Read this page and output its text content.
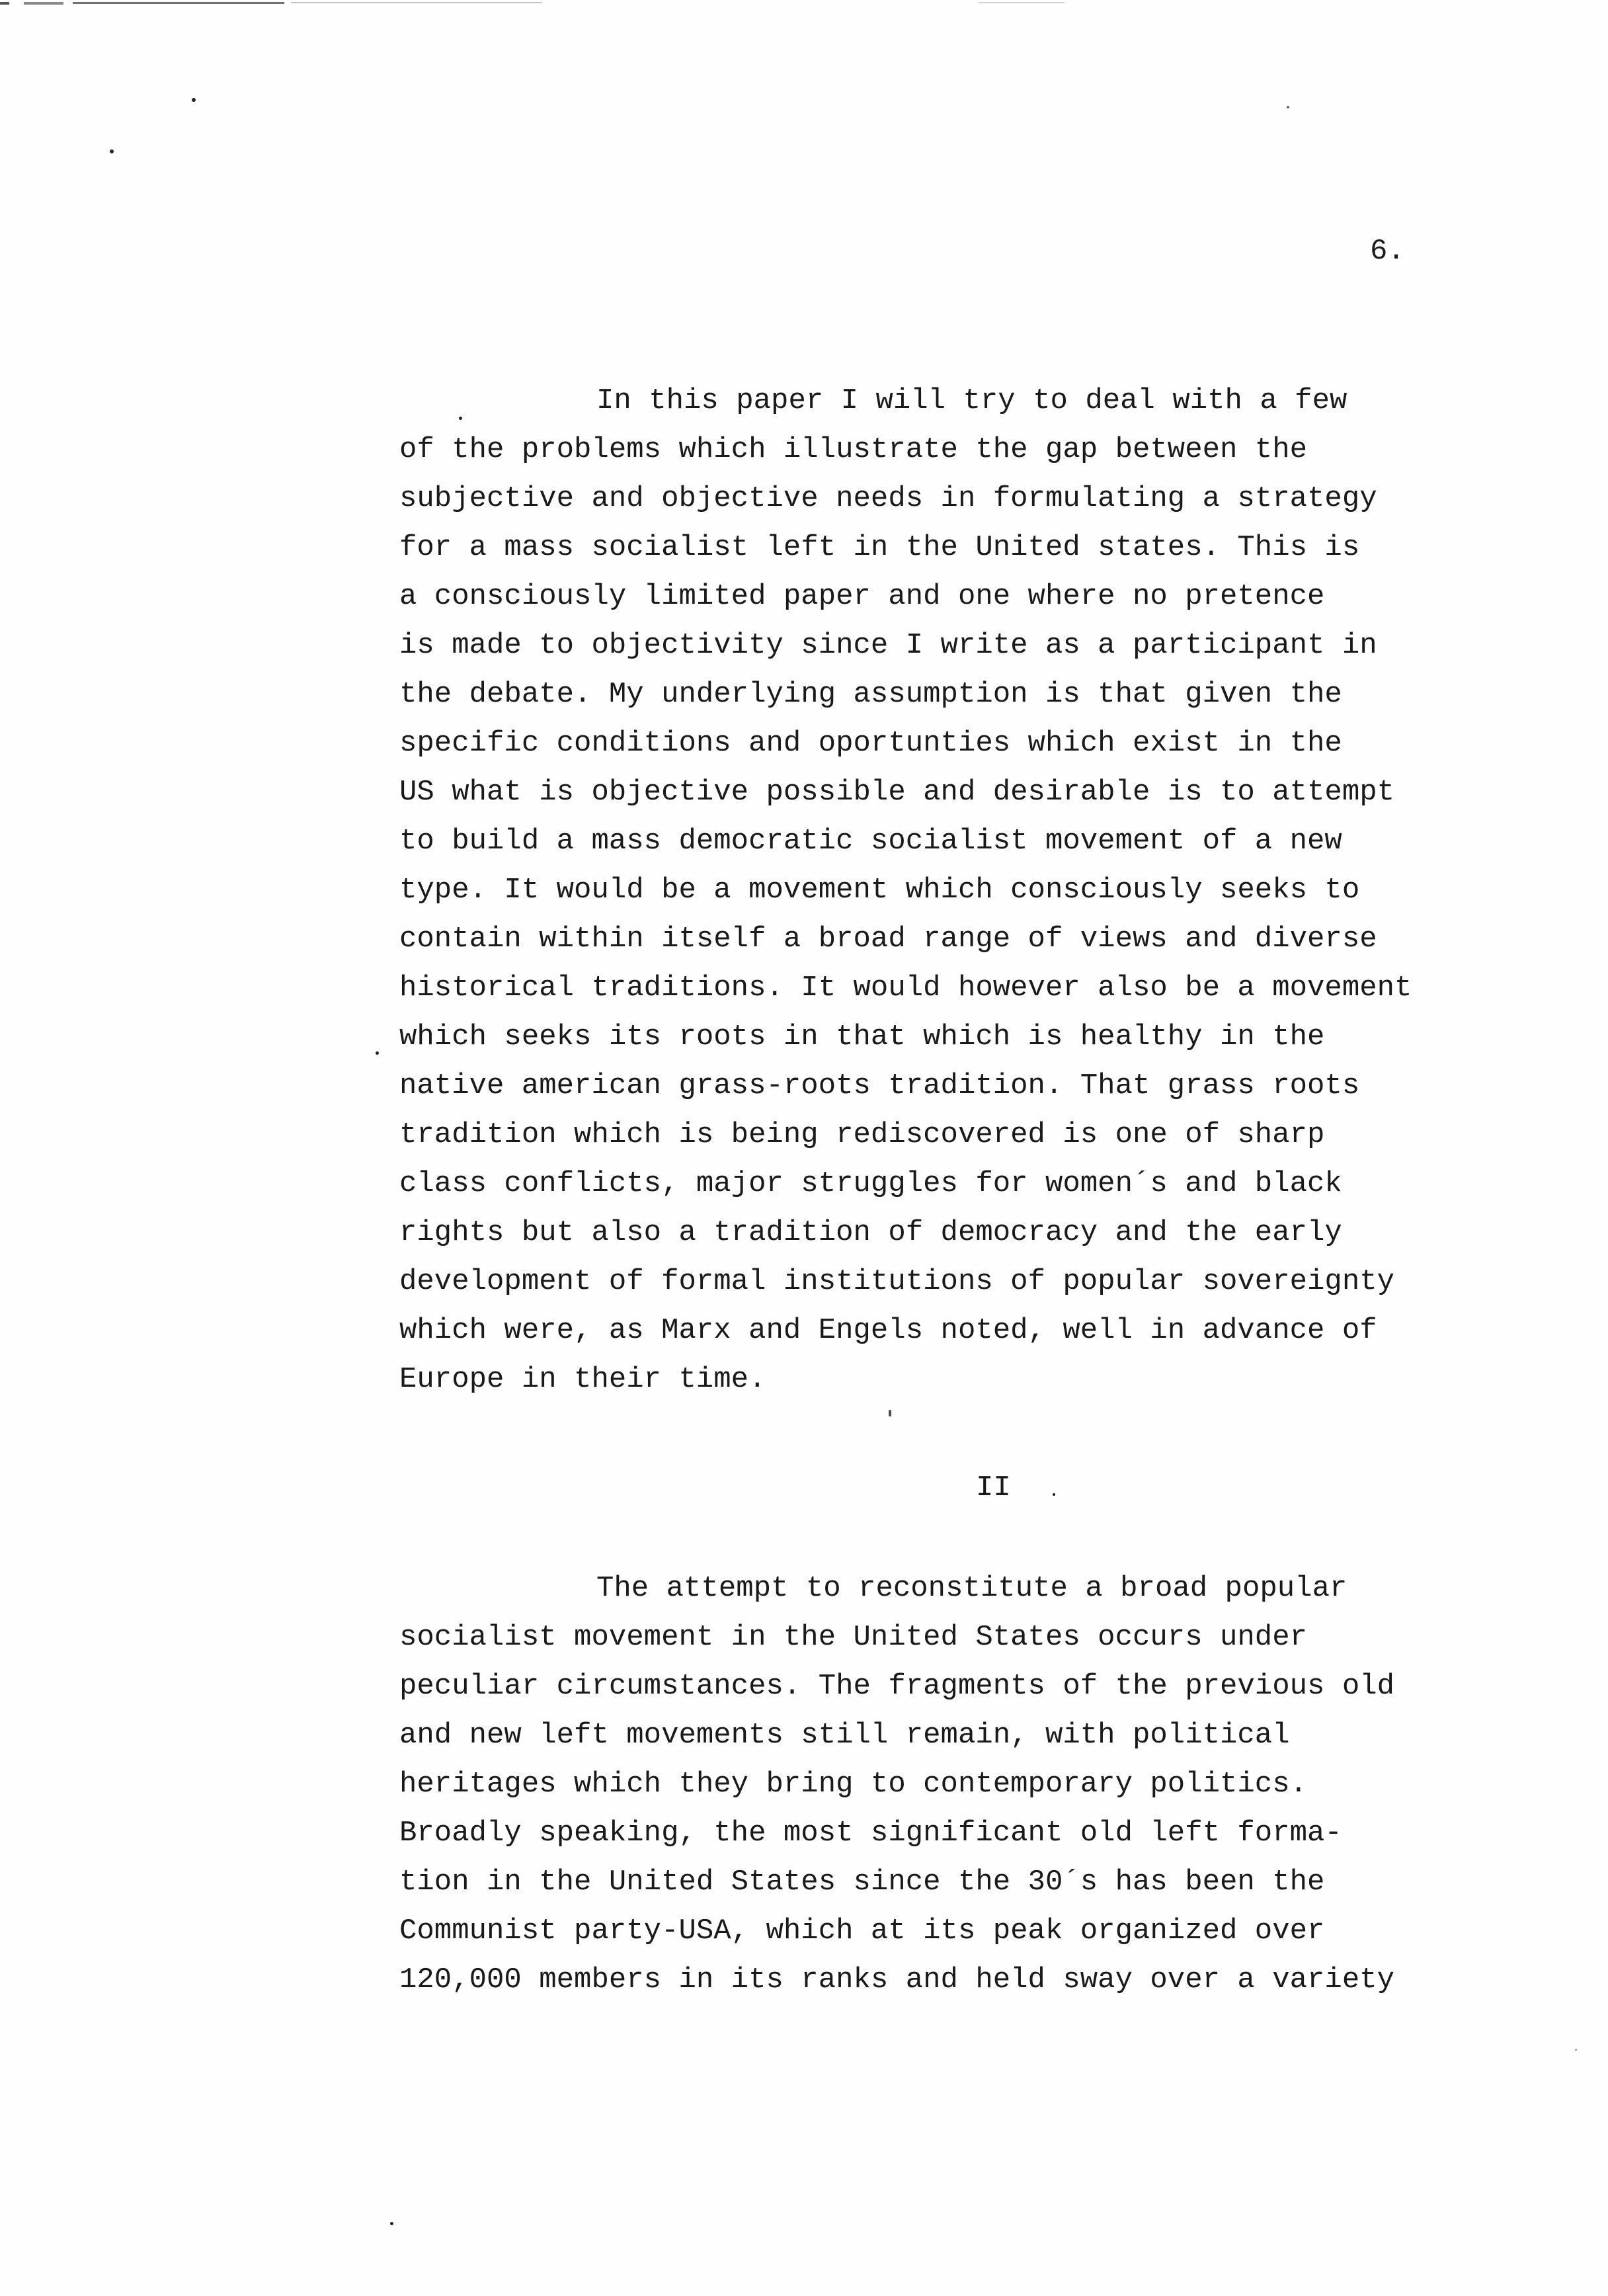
6.
In this paper I will try to deal with a few
of the problems which illustrate the gap between the
subjective and objective needs in formulating a strategy
for a mass socialist left in the United states. This is
a consciously limited paper and one where no pretence
is made to objectivity since I write as a participant in
the debate. My underlying assumption is that given the
specific conditions and oportunties which exist in the
US what is objective possible and desirable is to attempt
to build a mass democratic socialist movement of a new
type. It would be a movement which consciously seeks to
contain within itself a broad range of views and diverse
historical traditions. It would however also be a movement
which seeks its roots in that which is healthy in the
native american grass-roots tradition. That grass roots
tradition which is being rediscovered is one of sharp
class conflicts, major struggles for women´s and black
rights but also a tradition of democracy and the early
development of formal institutions of popular sovereignty
which were, as Marx and Engels noted, well in advance of
Europe in their time.
II
The attempt to reconstitute a broad popular
socialist movement in the United States occurs under
peculiar circumstances. The fragments of the previous old
and new left movements still remain, with political
heritages which they bring to contemporary politics.
Broadly speaking, the most significant old left forma-
tion in the United States since the 30´s has been the
Communist party-USA, which at its peak organized over
120,000 members in its ranks and held sway over a variety
